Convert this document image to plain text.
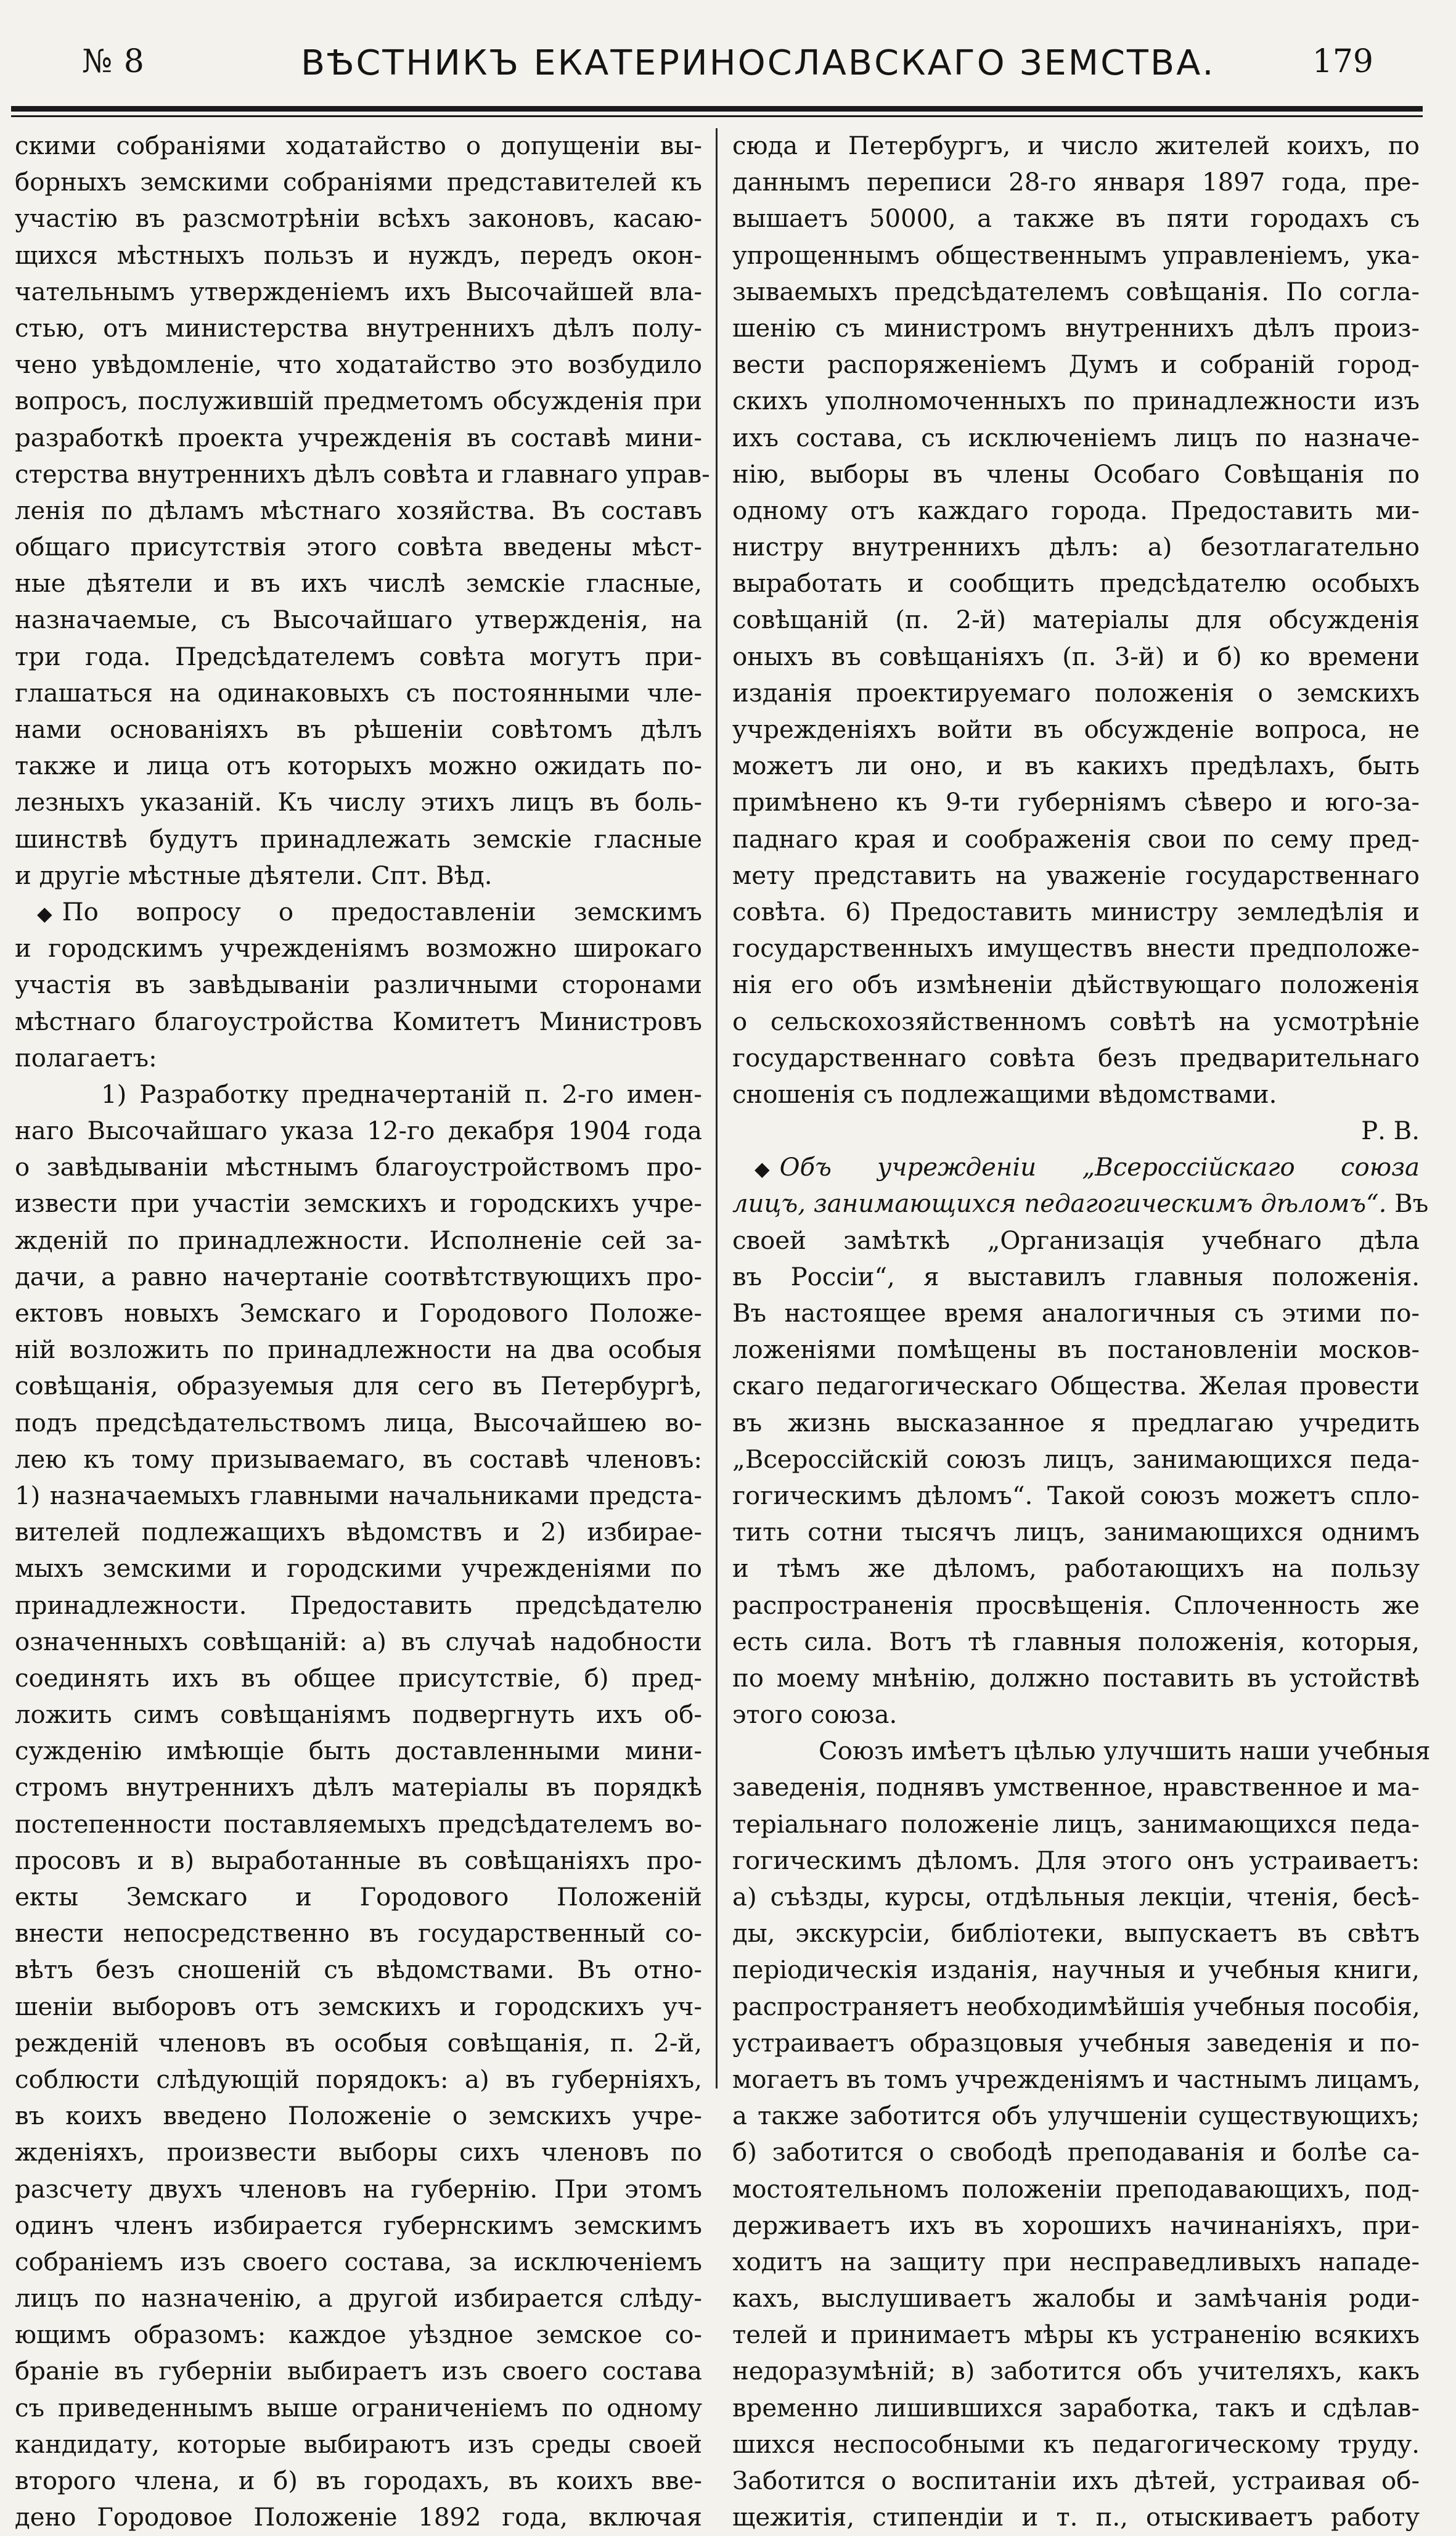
№ 8	ВѢСТНИКЪ ЕКАТЕРИНОСЛАВСКАГО ЗЕМСТВА.	179
скими собраніями ходатайство о допущеніи вы-
борныхъ земскими собраніями представителей къ
участію въ разсмотрѣніи всѣхъ законовъ, касаю-
щихся мѣстныхъ пользъ и нуждъ, передъ окон-
чательнымъ утвержденіемъ ихъ Высочайшей вла-
стью, отъ министерства внутреннихъ дѣлъ полу-
чено увѣдомленіе, что ходатайство это возбудило
вопросъ, послужившій предметомъ обсужденія при
разработкѣ проекта учрежденія въ составѣ мини-
стерства внутреннихъ дѣлъ совѣта и главнаго управ-
ленія по дѣламъ мѣстнаго хозяйства. Въ составъ
общаго присутствія этого совѣта введены мѣст-
ные дѣятели и въ ихъ числѣ земскіе гласные,
назначаемые, съ Высочайшаго утвержденія, на
три года. Предсѣдателемъ совѣта могутъ при-
глашаться на одинаковыхъ съ постоянными чле-
нами основаніяхъ въ рѣшеніи совѣтомъ дѣлъ
также и лица отъ которыхъ можно ожидать по-
лезныхъ указаній. Къ числу этихъ лицъ въ боль-
шинствѣ будутъ принадлежать земскіе гласные
и другіе мѣстные дѣятели. Спт. Вѣд.
◆ По вопросу о предоставленіи земскимъ
и городскимъ учрежденіямъ возможно широкаго
участія въ завѣдываніи различными сторонами
мѣстнаго благоустройства Комитетъ Министровъ
полагаетъ:
1) Разработку предначертаній п. 2-го имен-
наго Высочайшаго указа 12-го декабря 1904 года
о завѣдываніи мѣстнымъ благоустройствомъ про-
извести при участіи земскихъ и городскихъ учре-
жденій по принадлежности. Исполненіе сей за-
дачи, а равно начертаніе соотвѣтствующихъ про-
ектовъ новыхъ Земскаго и Городового Положе-
ній возложить по принадлежности на два особыя
совѣщанія, образуемыя для сего въ Петербургѣ,
подъ предсѣдательствомъ лица, Высочайшею во-
лею къ тому призываемаго, въ составѣ членовъ:
1) назначаемыхъ главными начальниками предста-
вителей подлежащихъ вѣдомствъ и 2) избирае-
мыхъ земскими и городскими учрежденіями по
принадлежности. Предоставить предсѣдателю
означенныхъ совѣщаній: а) въ случаѣ надобности
соединять ихъ въ общее присутствіе, б) пред-
ложить симъ совѣщаніямъ подвергнуть ихъ об-
сужденію имѣющіе быть доставленными мини-
стромъ внутреннихъ дѣлъ матеріалы въ порядкѣ
постепенности поставляемыхъ предсѣдателемъ во-
просовъ и в) выработанные въ совѣщаніяхъ про-
екты Земскаго и Городового Положеній
внести непосредственно въ государственный со-
вѣтъ безъ сношеній съ вѣдомствами. Въ отно-
шеніи выборовъ отъ земскихъ и городскихъ уч-
режденій членовъ въ особыя совѣщанія, п. 2-й,
соблюсти слѣдующій порядокъ: а) въ губерніяхъ,
въ коихъ введено Положеніе о земскихъ учре-
жденіяхъ, произвести выборы сихъ членовъ по
разсчету двухъ членовъ на губернію. При этомъ
одинъ членъ избирается губернскимъ земскимъ
собраніемъ изъ своего состава, за исключеніемъ
лицъ по назначенію, а другой избирается слѣду-
ющимъ образомъ: каждое уѣздное земское со-
браніе въ губерніи выбираетъ изъ своего состава
съ приведеннымъ выше ограниченіемъ по одному
кандидату, которые выбираютъ изъ среды своей
второго члена, и б) въ городахъ, въ коихъ вве-
дено Городовое Положеніе 1892 года, включая
сюда и Петербургъ, и число жителей коихъ, по
даннымъ переписи 28-го января 1897 года, пре-
вышаетъ 50000, а также въ пяти городахъ съ
упрощеннымъ общественнымъ управленіемъ, ука-
зываемыхъ предсѣдателемъ совѣщанія. По согла-
шенію съ министромъ внутреннихъ дѣлъ произ-
вести распоряженіемъ Думъ и собраній город-
скихъ уполномоченныхъ по принадлежности изъ
ихъ состава, съ исключеніемъ лицъ по назначе-
нію, выборы въ члены Особаго Совѣщанія по
одному отъ каждаго города. Предоставить ми-
нистру внутреннихъ дѣлъ: а) безотлагательно
выработать и сообщить предсѣдателю особыхъ
совѣщаній (п. 2-й) матеріалы для обсужденія
оныхъ въ совѣщаніяхъ (п. 3-й) и б) ко времени
изданія проектируемаго положенія о земскихъ
учрежденіяхъ войти въ обсужденіе вопроса, не
можетъ ли оно, и въ какихъ предѣлахъ, быть
примѣнено къ 9-ти губерніямъ сѣверо и юго-за-
паднаго края и соображенія свои по сему пред-
мету представить на уваженіе государственнаго
совѣта. 6) Предоставить министру земледѣлія и
государственныхъ имуществъ внести предположе-
нія его объ измѣненіи дѣйствующаго положенія
о сельскохозяйственномъ совѣтѣ на усмотрѣніе
государственнаго совѣта безъ предварительнаго
сношенія съ подлежащими вѣдомствами.
Р. В.
◆ Объ учрежденіи „Всероссійскаго союза
лицъ, занимающихся педагогическимъ дѣломъ“. Въ
своей замѣткѣ „Организація учебнаго дѣла
въ Россіи“, я выставилъ главныя положенія.
Въ настоящее время аналогичныя съ этими по-
ложеніями помѣщены въ постановленіи москов-
скаго педагогическаго Общества. Желая провести
въ жизнь высказанное я предлагаю учредить
„Всероссійскій союзъ лицъ, занимающихся педа-
гогическимъ дѣломъ“. Такой союзъ можетъ спло-
тить сотни тысячъ лицъ, занимающихся однимъ
и тѣмъ же дѣломъ, работающихъ на пользу
распространенія просвѣщенія. Сплоченность же
есть сила. Вотъ тѣ главныя положенія, которыя,
по моему мнѣнію, должно поставить въ устойствѣ
этого союза.
Союзъ имѣетъ цѣлью улучшить наши учебныя
заведенія, поднявъ умственное, нравственное и ма-
теріальнаго положеніе лицъ, занимающихся педа-
гогическимъ дѣломъ. Для этого онъ устраиваетъ:
а) съѣзды, курсы, отдѣльныя лекціи, чтенія, бесѣ-
ды, экскурсіи, библіотеки, выпускаетъ въ свѣтъ
періодическія изданія, научныя и учебныя книги,
распространяетъ необходимѣйшія учебныя пособія,
устраиваетъ образцовыя учебныя заведенія и по-
могаетъ въ томъ учрежденіямъ и частнымъ лицамъ,
а также заботится объ улучшеніи существующихъ;
б) заботится о свободѣ преподаванія и болѣе са-
мостоятельномъ положеніи преподавающихъ, под-
держиваетъ ихъ въ хорошихъ начинаніяхъ, при-
ходитъ на защиту при несправедливыхъ нападе-
кахъ, выслушиваетъ жалобы и замѣчанія роди-
телей и принимаетъ мѣры къ устраненію всякихъ
недоразумѣній; в) заботится объ учителяхъ, какъ
временно лишившихся заработка, такъ и сдѣлав-
шихся неспособными къ педагогическому труду.
Заботится о воспитаніи ихъ дѣтей, устраивая об-
щежитія, стипендіи и т. п., отыскиваетъ работу
